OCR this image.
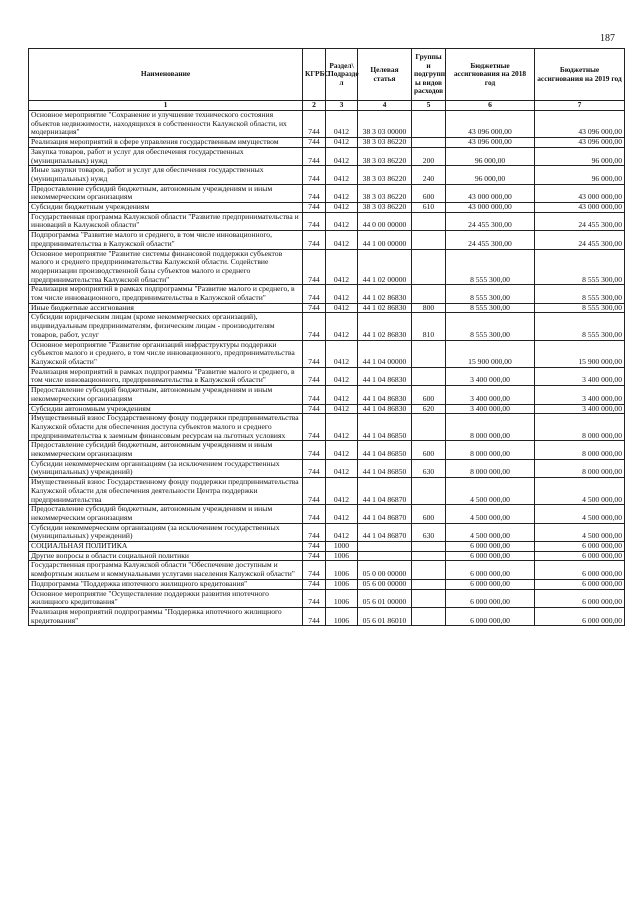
187
Наименование	КГРБС	Раздел\ Подразде л	Целевая статья	Группы и подгрупп ы видов расходов	Бюджетные ассигнования на 2018 год	Бюджетные ассигнования на 2019 год
1	2	3	4	5	6	7
Основное мероприятие "Сохранение и улучшение технического состояния объектов недвижимости, находящихся в собственности Калужской области, их модернизация"	744	0412	38 3 03 00000		43 096 000,00	43 096 000,00
Реализация мероприятий в сфере управления государственным имуществом	744	0412	38 3 03 86220		43 096 000,00	43 096 000,00
Закупка товаров, работ и услуг для обеспечения государственных (муниципальных) нужд	744	0412	38 3 03 86220	200	96 000,00	96 000,00
Иные закупки товаров, работ и услуг для обеспечения государственных (муниципальных) нужд	744	0412	38 3 03 86220	240	96 000,00	96 000,00
Предоставление субсидий бюджетным, автономным учреждениям и иным некоммерческим организациям	744	0412	38 3 03 86220	600	43 000 000,00	43 000 000,00
Субсидии бюджетным учреждениям	744	0412	38 3 03 86220	610	43 000 000,00	43 000 000,00
Государственная программа Калужской области "Развитие предпринимательства и инноваций в Калужской области"	744	0412	44 0 00 00000		24 455 300,00	24 455 300,00
Подпрограмма "Развитие малого и среднего, в том числе инновационного, предпринимательства в Калужской области"	744	0412	44 1 00 00000		24 455 300,00	24 455 300,00
Основное мероприятие "Развитие системы финансовой поддержки субъектов малого и среднего предпринимательства Калужской области. Содействие модернизации производственной базы субъектов малого и среднего предпринимательства Калужской области"	744	0412	44 1 02 00000		8 555 300,00	8 555 300,00
Реализация мероприятий в рамках подпрограммы "Развитие малого и среднего, в том числе инновационного, предпринимательства в Калужской области"	744	0412	44 1 02 86830		8 555 300,00	8 555 300,00
Иные бюджетные ассигнования	744	0412	44 1 02 86830	800	8 555 300,00	8 555 300,00
Субсидии юридическим лицам (кроме некоммерческих организаций), индивидуальным предпринимателям, физическим лицам - производителям товаров, работ, услуг	744	0412	44 1 02 86830	810	8 555 300,00	8 555 300,00
Основное мероприятие "Развитие организаций инфраструктуры поддержки субъектов малого и среднего, в том числе инновационного, предпринимательства Калужской области"	744	0412	44 1 04 00000		15 900 000,00	15 900 000,00
Реализация мероприятий в рамках подпрограммы "Развитие малого и среднего, в том числе инновационного, предпринимательства в Калужской области"	744	0412	44 1 04 86830		3 400 000,00	3 400 000,00
Предоставление субсидий бюджетным, автономным учреждениям и иным некоммерческим организациям	744	0412	44 1 04 86830	600	3 400 000,00	3 400 000,00
Субсидии автономным учреждениям	744	0412	44 1 04 86830	620	3 400 000,00	3 400 000,00
Имущественный взнос Государственному фонду поддержки предпринимательства Калужской области для обеспечения доступа субъектов малого и среднего предпринимательства к заемным финансовым ресурсам на льготных условиях	744	0412	44 1 04 86850		8 000 000,00	8 000 000,00
Предоставление субсидий бюджетным, автономным учреждениям и иным некоммерческим организациям	744	0412	44 1 04 86850	600	8 000 000,00	8 000 000,00
Субсидии некоммерческим организациям (за исключением государственных (муниципальных) учреждений)	744	0412	44 1 04 86850	630	8 000 000,00	8 000 000,00
Имущественный взнос Государственному фонду поддержки предпринимательства Калужской области для обеспечения деятельности Центра поддержки предпринимательства	744	0412	44 1 04 86870		4 500 000,00	4 500 000,00
Предоставление субсидий бюджетным, автономным учреждениям и иным некоммерческим организациям	744	0412	44 1 04 86870	600	4 500 000,00	4 500 000,00
Субсидии некоммерческим организациям (за исключением государственных (муниципальных) учреждений)	744	0412	44 1 04 86870	630	4 500 000,00	4 500 000,00
СОЦИАЛЬНАЯ ПОЛИТИКА	744	1000			6 000 000,00	6 000 000,00
Другие вопросы в области социальной политики	744	1006			6 000 000,00	6 000 000,00
Государственная программа Калужской области "Обеспечение доступным и комфортным жильем и коммунальными услугами населения Калужской области"	744	1006	05 0 00 00000		6 000 000,00	6 000 000,00
Подпрограмма "Поддержка ипотечного жилищного кредитования"	744	1006	05 6 00 00000		6 000 000,00	6 000 000,00
Основное мероприятие "Осуществление поддержки развития ипотечного жилищного кредитования"	744	1006	05 6 01 00000		6 000 000,00	6 000 000,00
Реализация мероприятий подпрограммы "Поддержка ипотечного жилищного кредитования"	744	1006	05 6 01 86010		6 000 000,00	6 000 000,00
